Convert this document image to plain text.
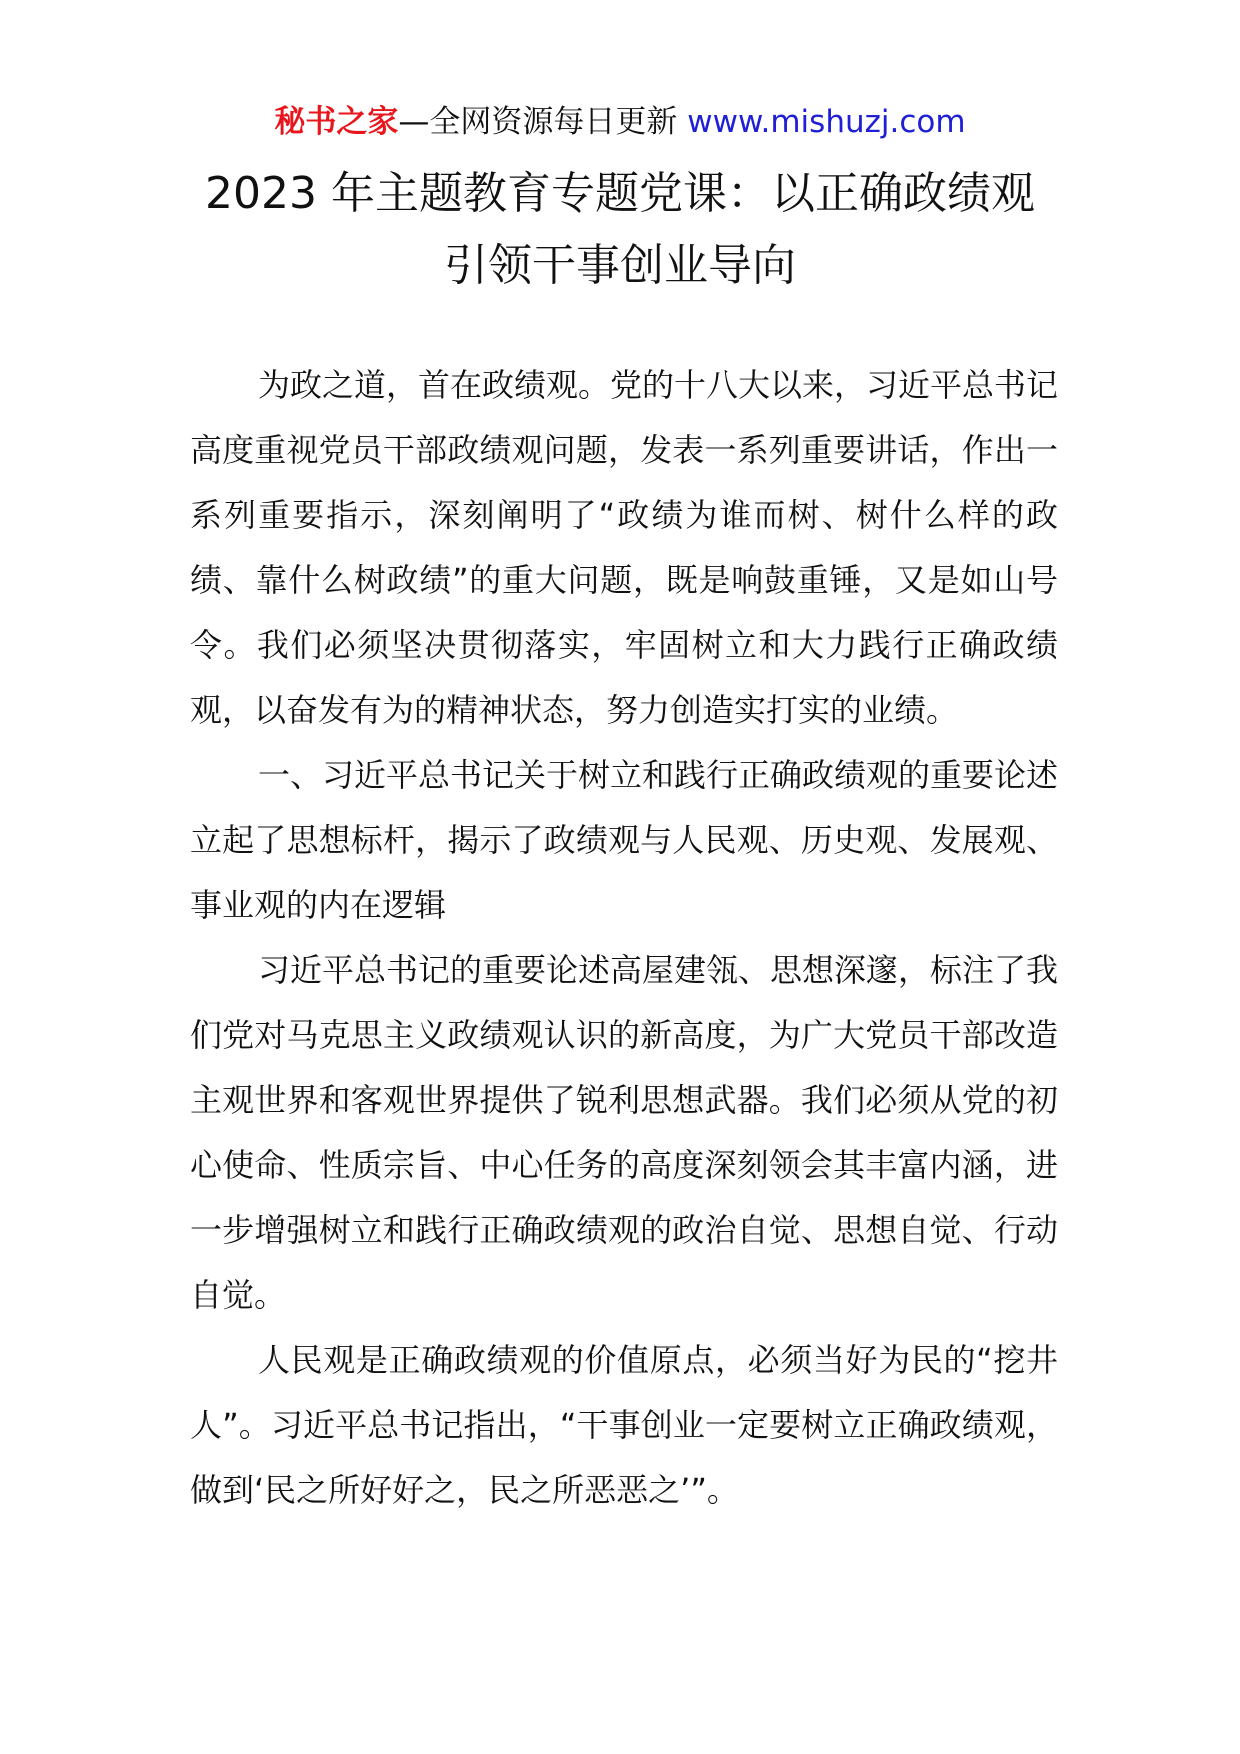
秘书之家—全网资源每日更新 www.mishuzj.com
2023 年主题教育专题党课：以正确政绩观
引领干事创业导向

为政之道，首在政绩观。党的十八大以来，习近平总书记高度重视党员干部政绩观问题，发表一系列重要讲话，作出一系列重要指示，深刻阐明了“政绩为谁而树、树什么样的政绩、靠什么树政绩”的重大问题，既是响鼓重锤，又是如山号令。我们必须坚决贯彻落实，牢固树立和大力践行正确政绩观，以奋发有为的精神状态，努力创造实打实的业绩。

一、习近平总书记关于树立和践行正确政绩观的重要论述立起了思想标杆，揭示了政绩观与人民观、历史观、发展观、事业观的内在逻辑

习近平总书记的重要论述高屋建瓴、思想深邃，标注了我们党对马克思主义政绩观认识的新高度，为广大党员干部改造主观世界和客观世界提供了锐利思想武器。我们必须从党的初心使命、性质宗旨、中心任务的高度深刻领会其丰富内涵，进一步增强树立和践行正确政绩观的政治自觉、思想自觉、行动自觉。

人民观是正确政绩观的价值原点，必须当好为民的“挖井人”。习近平总书记指出，“干事创业一定要树立正确政绩观，做到‘民之所好好之，民之所恶恶之’”。
